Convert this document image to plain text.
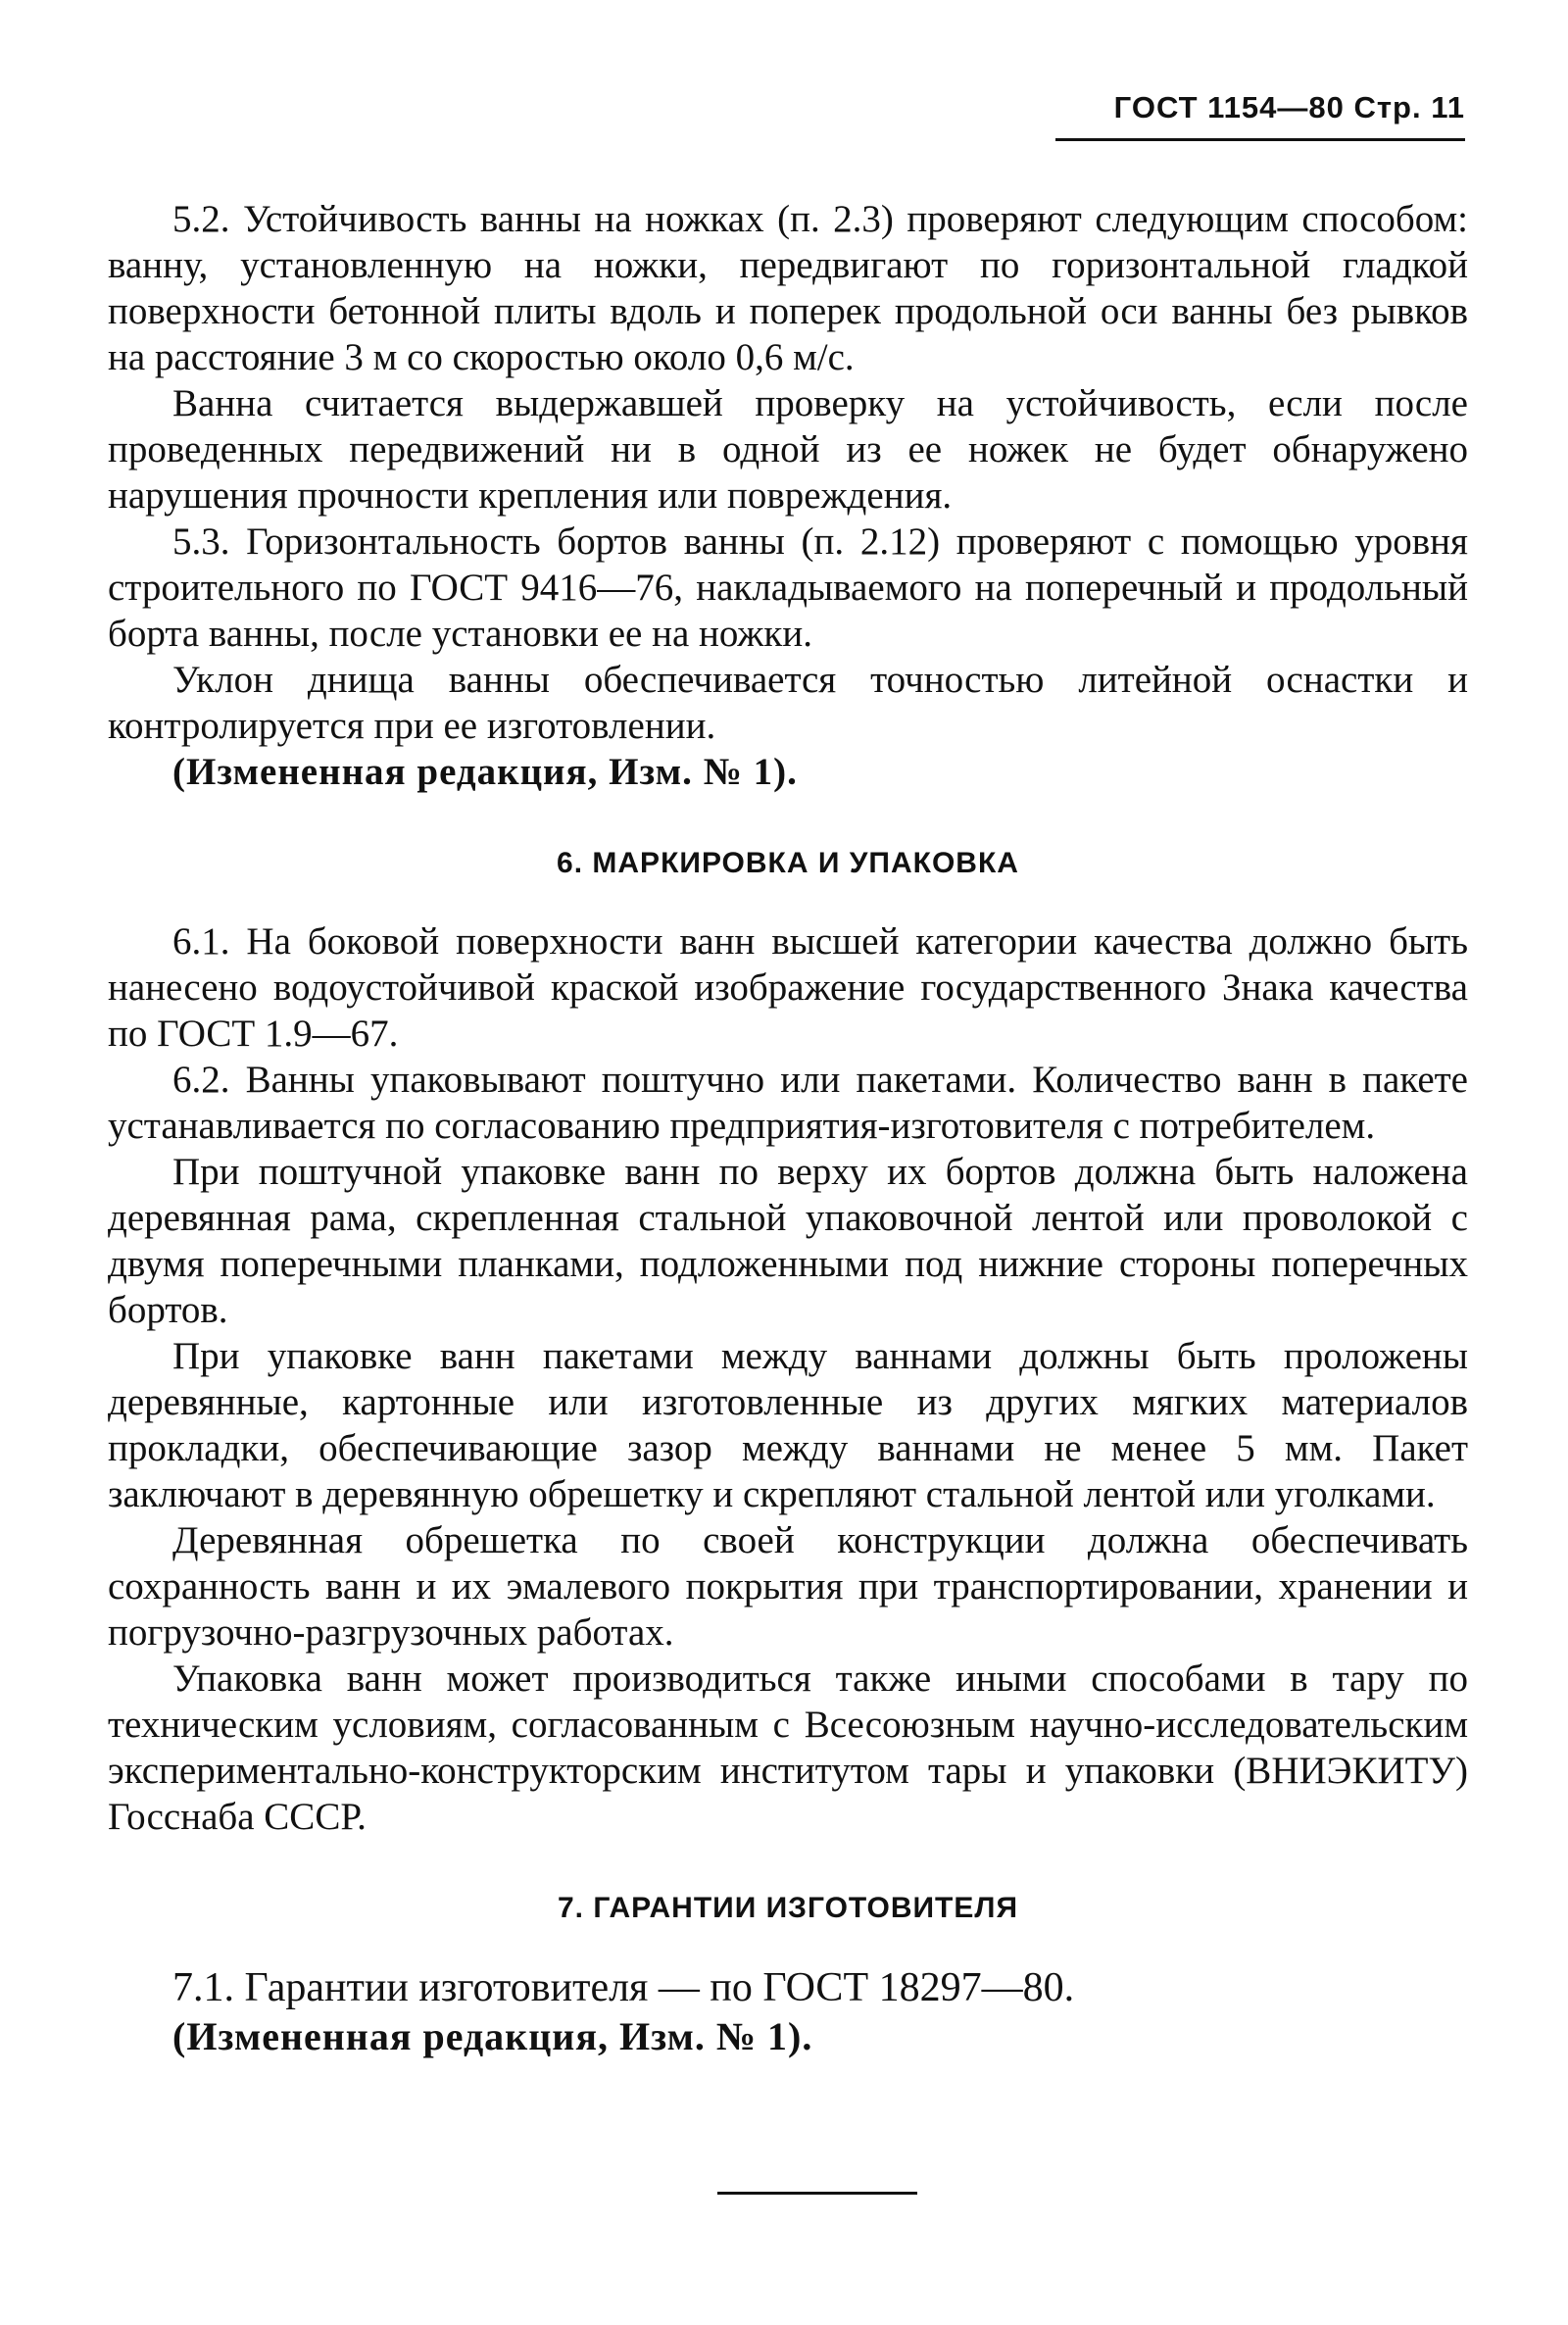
ГОСТ 1154—80 Стр. 11

5.2. Устойчивость ванны на ножках (п. 2.3) проверяют следующим способом: ванну, установленную на ножки, передвигают по горизонтальной гладкой поверхности бетонной плиты вдоль и поперек продольной оси ванны без рывков на расстояние 3 м со скоростью около 0,6 м/с.

Ванна считается выдержавшей проверку на устойчивость, если после проведенных передвижений ни в одной из ее ножек не будет обнаружено нарушения прочности крепления или повреждения.

5.3. Горизонтальность бортов ванны (п. 2.12) проверяют с помощью уровня строительного по ГОСТ 9416—76, накладываемого на поперечный и продольный борта ванны, после установки ее на ножки.

Уклон днища ванны обеспечивается точностью литейной оснастки и контролируется при ее изготовлении.

(Измененная редакция, Изм. № 1).

6. МАРКИРОВКА И УПАКОВКА

6.1. На боковой поверхности ванн высшей категории качества должно быть нанесено водоустойчивой краской изображение государственного Знака качества по ГОСТ 1.9—67.

6.2. Ванны упаковывают поштучно или пакетами. Количество ванн в пакете устанавливается по согласованию предприятия-изготовителя с потребителем.

При поштучной упаковке ванн по верху их бортов должна быть наложена деревянная рама, скрепленная стальной упаковочной лентой или проволокой с двумя поперечными планками, подложенными под нижние стороны поперечных бортов.

При упаковке ванн пакетами между ваннами должны быть проложены деревянные, картонные или изготовленные из других мягких материалов прокладки, обеспечивающие зазор между ваннами не менее 5 мм. Пакет заключают в деревянную обрешетку и скрепляют стальной лентой или уголками.

Деревянная обрешетка по своей конструкции должна обеспечивать сохранность ванн и их эмалевого покрытия при транспортировании, хранении и погрузочно-разгрузочных работах.

Упаковка ванн может производиться также иными способами в тару по техническим условиям, согласованным с Всесоюзным научно-исследовательским экспериментально-конструкторским институтом тары и упаковки (ВНИЭКИТУ) Госснаба СССР.

7. ГАРАНТИИ ИЗГОТОВИТЕЛЯ

7.1. Гарантии изготовителя — по ГОСТ 18297—80.

(Измененная редакция, Изм. № 1).
